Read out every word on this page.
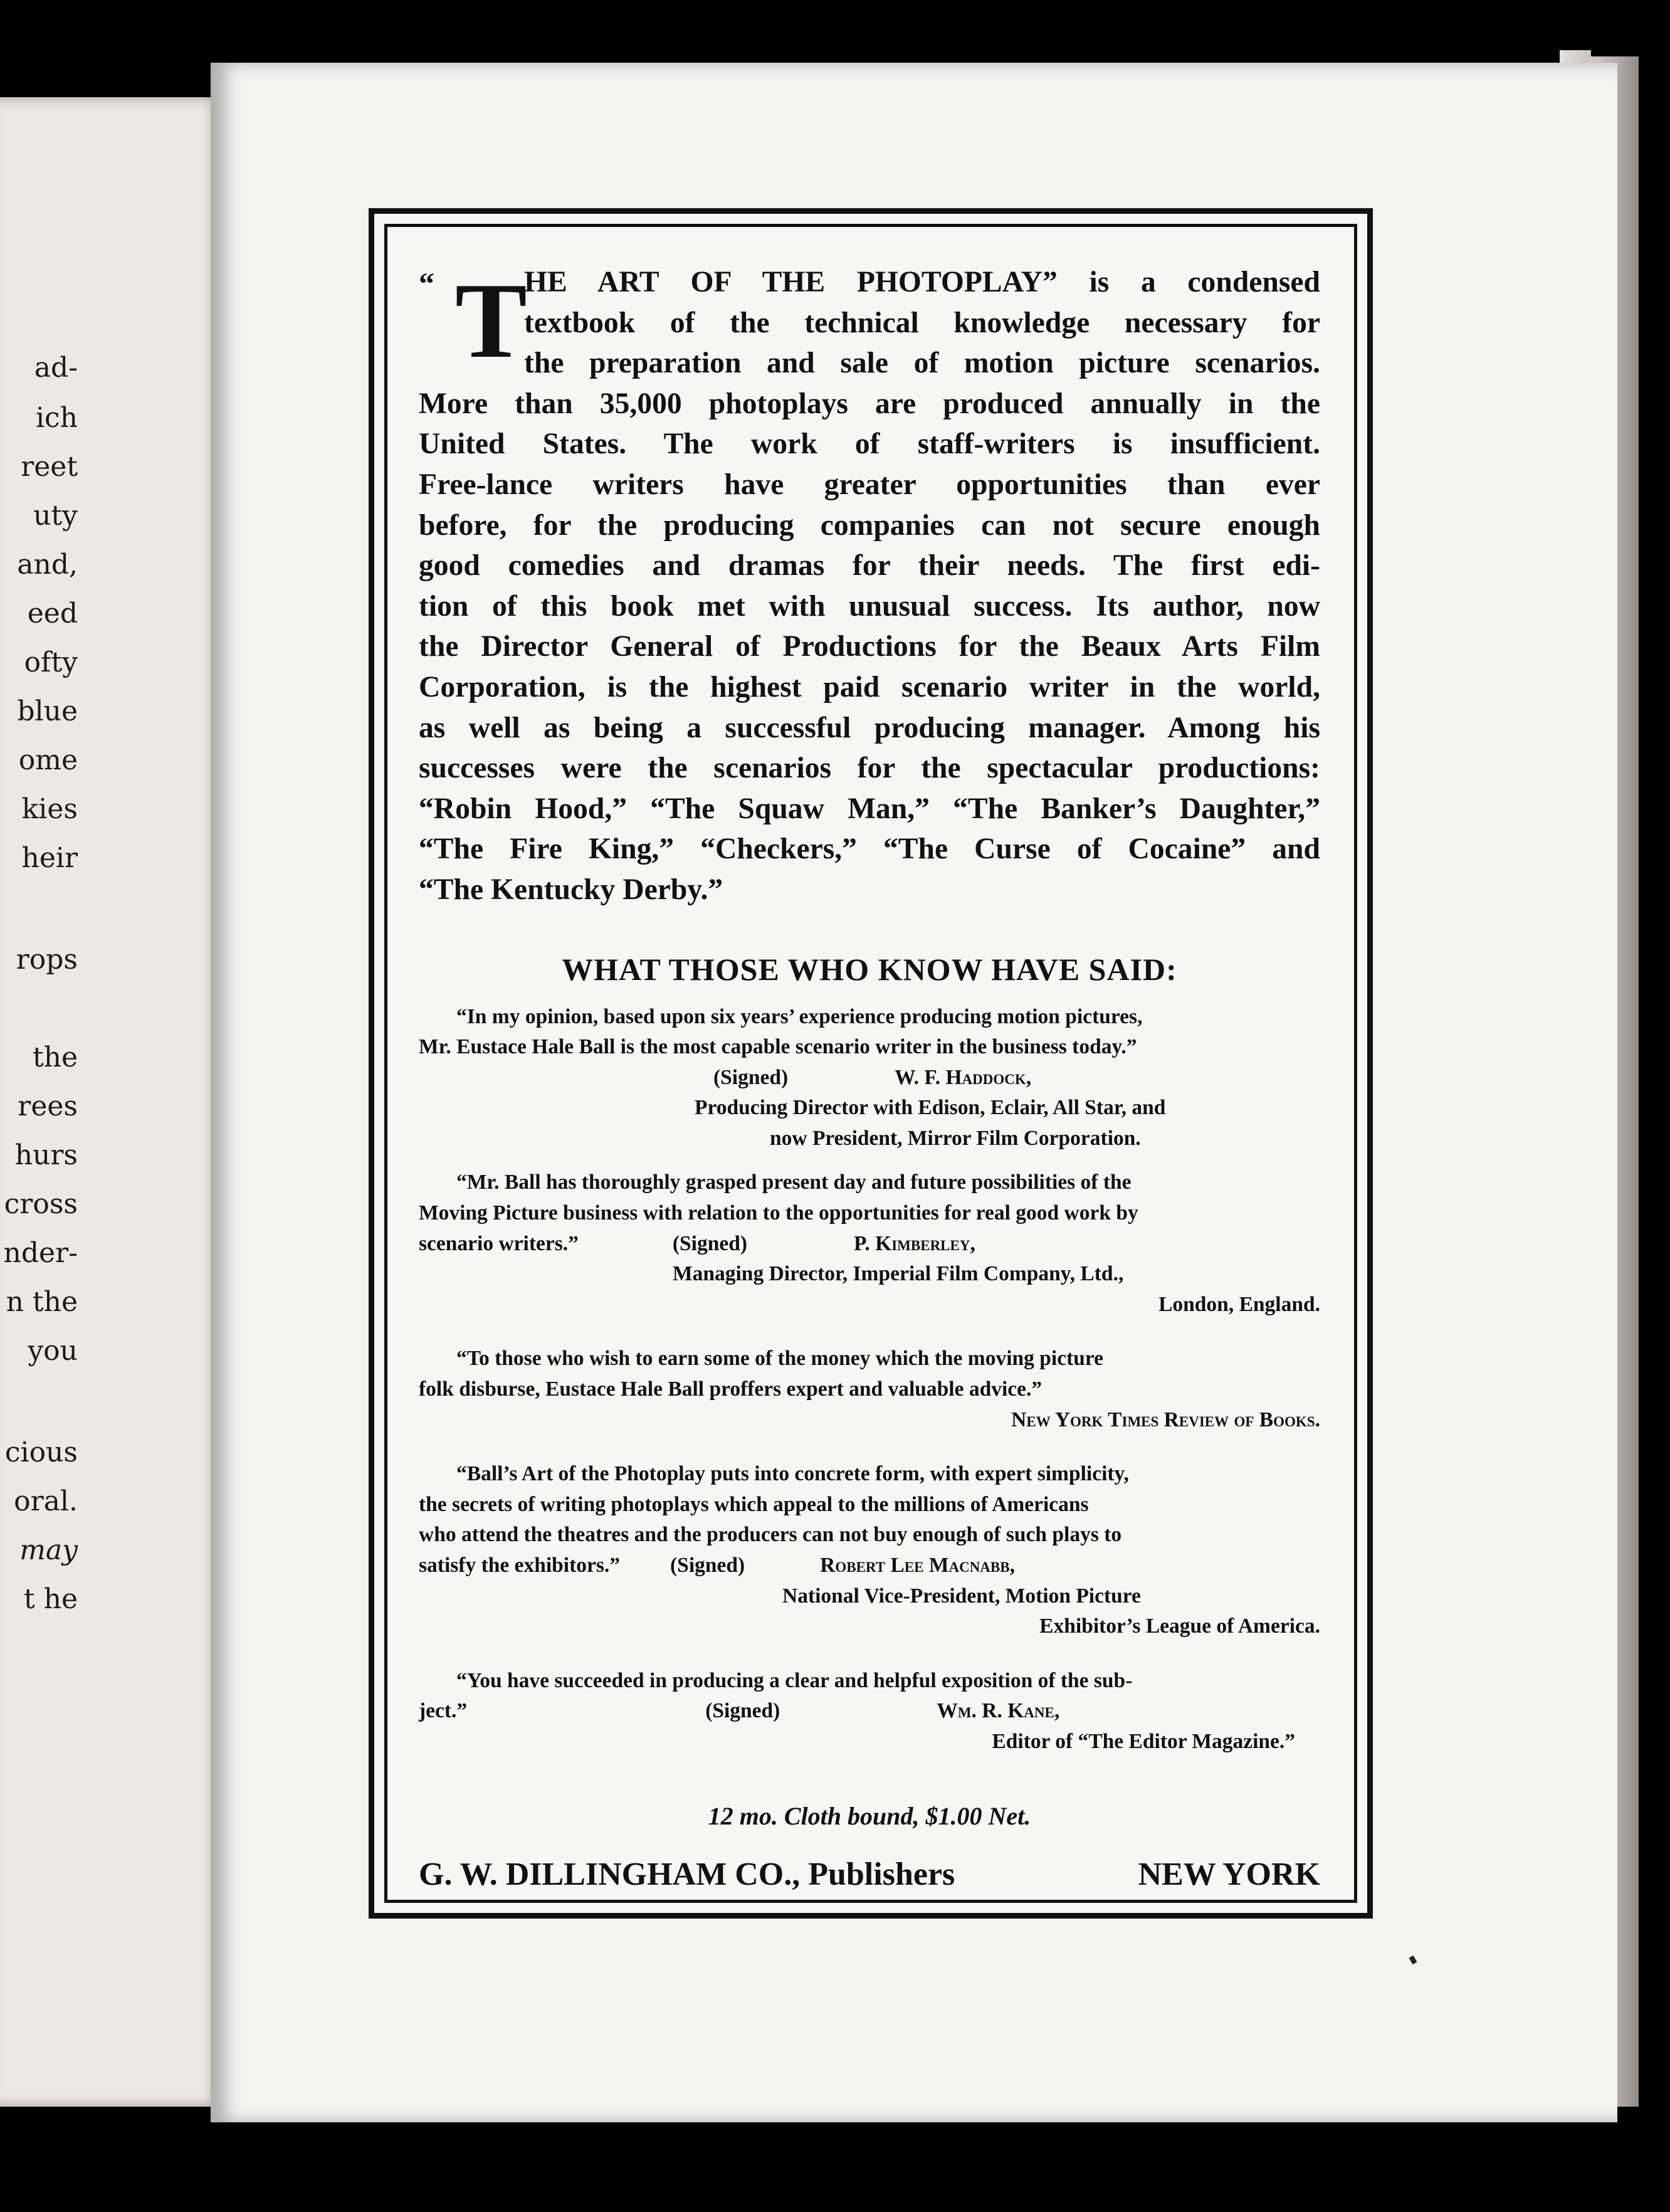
ad-
ich
reet
uty
and,
eed
ofty
blue
ome
kies
heir
rops
the
rees
hurs
cross
nder-
n the
you
cious
oral.
may
t he
“ T
HE ART OF THE PHOTOPLAY” is a condensed
textbook of the technical knowledge necessary for
the preparation and sale of motion picture scenarios.
More than 35,000 photoplays are produced annually in the
United States. The work of staff-writers is insufficient.
Free-lance writers have greater opportunities than ever
before, for the producing companies can not secure enough
good comedies and dramas for their needs. The first edi-
tion of this book met with unusual success. Its author, now
the Director General of Productions for the Beaux Arts Film
Corporation, is the highest paid scenario writer in the world,
as well as being a successful producing manager. Among his
successes were the scenarios for the spectacular productions:
“Robin Hood,” “The Squaw Man,” “The Banker’s Daughter,”
“The Fire King,” “Checkers,” “The Curse of Cocaine” and
“The Kentucky Derby.”
WHAT THOSE WHO KNOW HAVE SAID:
“In my opinion, based upon six years’ experience producing motion pictures,
Mr. Eustace Hale Ball is the most capable scenario writer in the business today.”
(Signed)	W. F. Haddock,
Producing Director with Edison, Eclair, All Star, and
now President, Mirror Film Corporation.
“Mr. Ball has thoroughly grasped present day and future possibilities of the
Moving Picture business with relation to the opportunities for real good work by
scenario writers.”	(Signed)	P. Kimberley,
Managing Director, Imperial Film Company, Ltd.,
London, England.
“To those who wish to earn some of the money which the moving picture
folk disburse, Eustace Hale Ball proffers expert and valuable advice.”
New York Times Review of Books.
“Ball’s Art of the Photoplay puts into concrete form, with expert simplicity,
the secrets of writing photoplays which appeal to the millions of Americans
who attend the theatres and the producers can not buy enough of such plays to
satisfy the exhibitors.” (Signed)	Robert Lee Macnabb,
National Vice-President, Motion Picture
Exhibitor’s League of America.
“You have succeeded in producing a clear and helpful exposition of the sub-
ject.”	(Signed)	Wm. R. Kane,
Editor of “The Editor Magazine.”
12 mo. Cloth bound, $1.00 Net.
G. W. DILLINGHAM CO., Publishers	NEW YORK
